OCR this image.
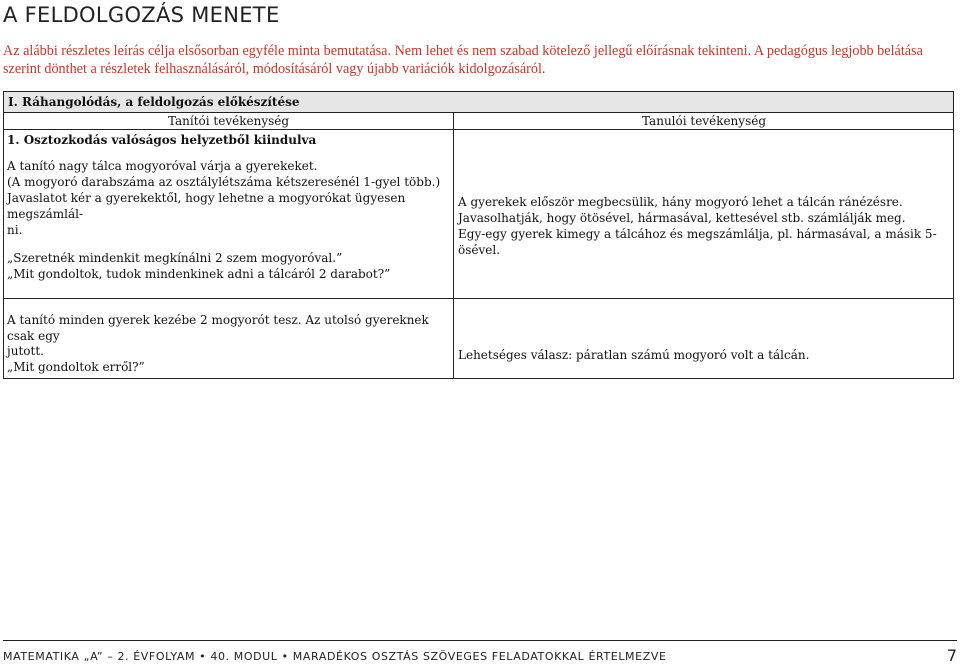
A FELDOLGOZÁS MENETE

Az alábbi részletes leírás célja elsősorban egyféle minta bemutatása. Nem lehet és nem szabad kötelező jellegű előírásnak tekinteni. A pedagógus legjobb belátása szerint dönthet a részletek felhasználásáról, módosításáról vagy újabb variációk kidolgozásáról.

I. Ráhangolódás, a feldolgozás előkészítése
Tanítói tevékenység	Tanulói tevékenység
1. Osztozkodás valóságos helyzetből kiindulva

A tanító nagy tálca mogyoróval várja a gyerekeket.

(A mogyoró darabszáma az osztálylétszáma kétszeresénél 1-gyel több.)

Javaslatot kér a gyerekektől, hogy lehetne a mogyorókat ügyesen megszámlál-

ni.

„Szeretnék mindenkit megkínálni 2 szem mogyoróval.”

„Mit gondoltok, tudok mindenkinek adni a tálcáról 2 darabot?”

A gyerekek először megbecsülik, hány mogyoró lehet a tálcán ránézésre.

Javasolhatják, hogy ötösével, hármasával, kettesével stb. számlálják meg.

Egy-egy gyerek kimegy a tálcához és megszámlálja, pl. hármasával, a másik 5-ösével.

A tanító minden gyerek kezébe 2 mogyorót tesz. Az utolsó gyereknek csak egy

jutott.

„Mit gondoltok erről?”

Lehetséges válasz: páratlan számú mogyoró volt a tálcán.

MATEMATIKA „A” – 2. ÉVFOLYAM • 40. MODUL • MARADÉKOS OSZTÁS SZÖVEGES FELADATOKKAL ÉRTELMEZVE	7
